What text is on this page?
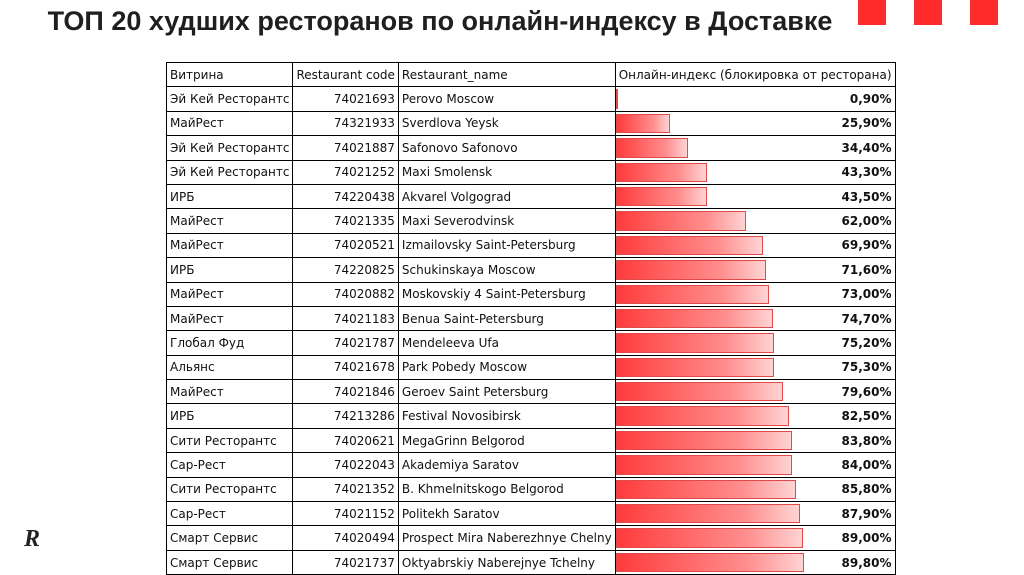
ТОП 20 худших ресторанов по онлайн-индексу в Доставке
R
Витрина	Restaurant code	Restaurant_name	Онлайн-индекс (блокировка от ресторана)
Эй Кей Ресторантс	74021693	Perovo Moscow	0,90%

МайРест	74321933	Sverdlova Yeysk	25,90%

Эй Кей Ресторантс	74021887	Safonovo Safonovo	34,40%

Эй Кей Ресторантс	74021252	Maxi Smolensk	43,30%

ИРБ	74220438	Akvarel Volgograd	43,50%

МайРест	74021335	Maxi Severodvinsk	62,00%

МайРест	74020521	Izmailovsky Saint-Petersburg	69,90%

ИРБ	74220825	Schukinskaya Moscow	71,60%

МайРест	74020882	Moskovskiy 4 Saint-Petersburg	73,00%

МайРест	74021183	Benua Saint-Petersburg	74,70%

Глобал Фуд	74021787	Mendeleeva Ufa	75,20%

Альянс	74021678	Park Pobedy Moscow	75,30%

МайРест	74021846	Geroev Saint Petersburg	79,60%

ИРБ	74213286	Festival Novosibirsk	82,50%

Сити Ресторантс	74020621	MegaGrinn Belgorod	83,80%

Сар-Рест	74022043	Akademiya Saratov	84,00%

Сити Ресторантс	74021352	B. Khmelnitskogo Belgorod	85,80%

Сар-Рест	74021152	Politekh Saratov	87,90%

Смарт Сервис	74020494	Prospect Mira Naberezhnye Chelny	89,00%

Смарт Сервис	74021737	Oktyabrskiy Naberejnye Tchelny	89,80%
